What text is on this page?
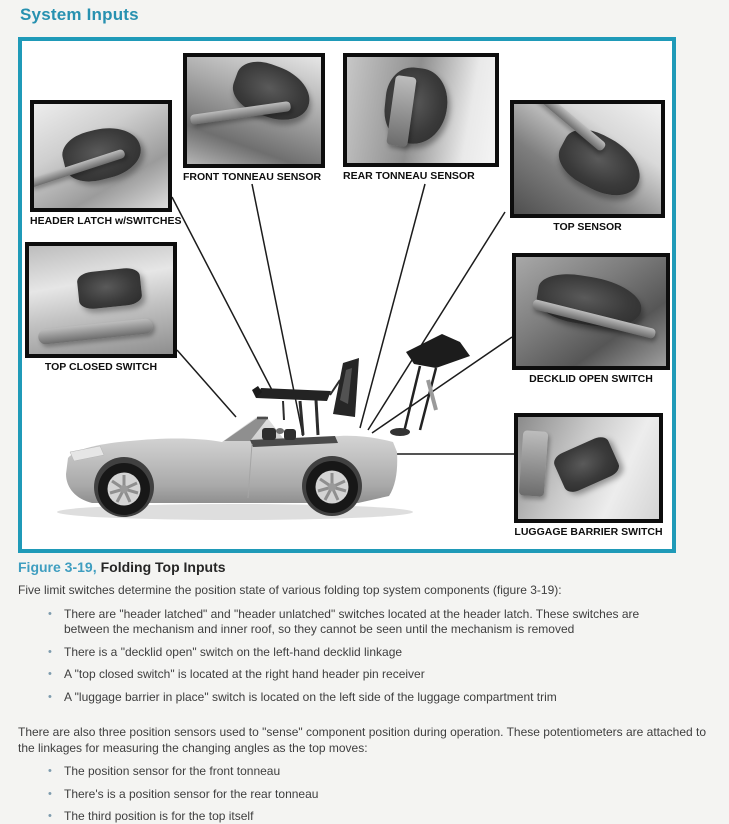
System Inputs
HEADER LATCH w/SWITCHES
FRONT TONNEAU SENSOR	REAR TONNEAU SENSOR
TOP SENSOR
TOP CLOSED SWITCH
DECKLID OPEN SWITCH
LUGGAGE BARRIER SWITCH
Figure 3-19, Folding Top Inputs

Five limit switches determine the position state of various folding top system components (figure 3-19):

•	There are "header latched" and "header unlatched" switches located at the header latch. These switches are between the mechanism and inner roof, so they cannot be seen until the mechanism is removed
•	There is a "decklid open" switch on the left-hand decklid linkage
•	A "top closed switch" is located at the right hand header pin receiver
•	A "luggage barrier in place" switch is located on the left side of the luggage compartment trim

There are also three position sensors used to "sense" component position during operation. These potentiometers are attached to the linkages for measuring the changing angles as the top moves:

•	The position sensor for the front tonneau
•	There's is a position sensor for the rear tonneau
•	The third position is for the top itself
